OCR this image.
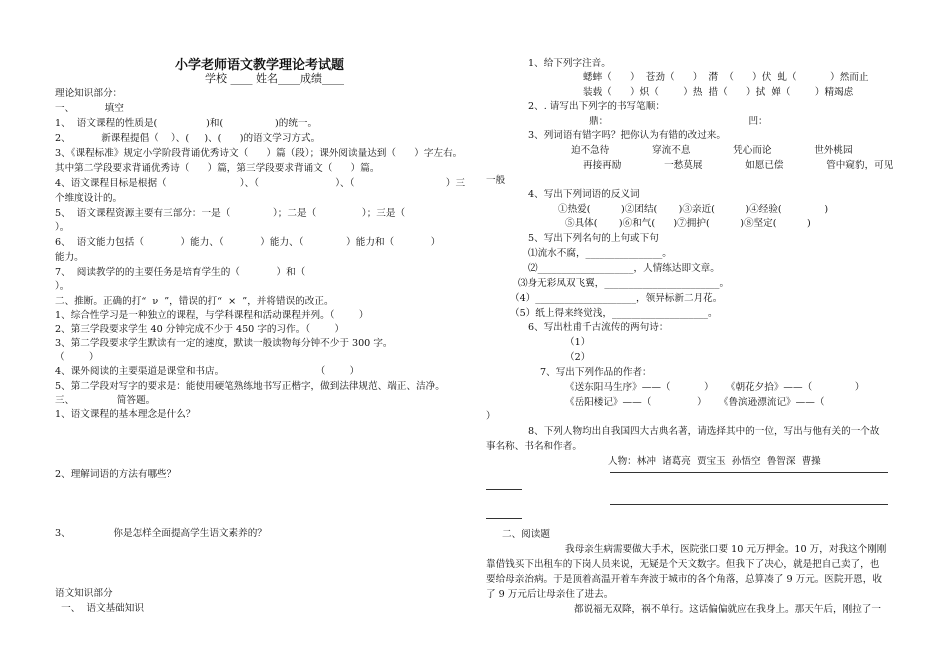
小学老师语文教学理论考试题
学校 ____ 姓名____成绩____
理论知识部分：
一、          填空
1、  语文课程的性质是(                )和(                 )的统一。
2、          新课程提倡（    ）、(     )、(      )的语文学习方式。
3、《课程标准》规定小学阶段背诵优秀诗文（      ）篇（段）；课外阅读量达到（      ）字左右。
其中第二学段要求背诵优秀诗（      ）篇，第三学段要求背诵文（      ）篇。
4、语文课程目标是根据（                        ）、（                         ）、（                              ）三
个维度设计的。
5、  语文课程资源主要有三部分：一是（              ）；二是（               ）；三是（
）。
6、  语文能力包括（            ）能力、（            ）能力、（              ）能力和（            ）
能力。
7、  阅读教学的的主要任务是培育学生的（            ）和（
）。
二、推断。正确的打“  ν  ”，错误的打“  ×  ”，并将错误的改正。
1、综合性学习是一种独立的课程，与学科课程和活动课程并列。（        ）
2、第三学段要求学生 40 分钟完成不少于 450 字的习作。（        ）
3、第二学段要求学生默读有一定的速度，默读一般读物每分钟不少于 300 字。
（        ）
4、课外阅读的主要渠道是课堂和书店。                              （        ）
5、第二学段对写字的要求是：能使用硬笔熟练地书写正楷字，做到法律规范、端正、洁净。
三、              简答题。
1、语文课程的基本理念是什么？
2、理解词语的方法有哪些？
3、              你是怎样全面提高学生语文素养的？
语文知识部分
一、  语文基础知识
1、给下列字注音。
蟋蟀（      ）  苍劲（      ）  潸  （      ）伏  虬（           ）然而止
装载（      ）炽（        ）热  措（      ）拭  婵（        ）精竭虑
2、. 请写出下列字的书写笔顺：
鼎：                                              凹：
3、列词语有错字吗？把你认为有错的改过来。
迫不急待              穿流不息              凭心而论              世外桃园
再接再励              一愁莫展              如愿已偿              管中窥豹，可见
一般
4、写出下列词语的反义词
①热爱(          )②团结(       )③亲近(          )④经验(              )
⑤具体(       )⑥和气(      )⑦拥护(          )⑧坚定(          )
5、写出下列名句的上句或下句
⑴流水不腐，________________。
⑵____________________，人情练达即文章。
⑶身无彩凤双飞翼，________________________。
（4）_____________________，领异标新二月花。
（5）纸上得来终觉浅，____________________。
6、写出杜甫千古流传的两句诗：
（1）
（2）
7、写出下列作品的作者：
《送东阳马生序》——（           ）    《朝花夕拾》——（              ）
《岳阳楼记》——（               ）    《鲁滨逊漂流记》——（
）
8、下列人物均出自我国四大古典名著，请选择其中的一位，写出与他有关的一个故
事名称、书名和作者。
人物：林冲  诸葛亮  贾宝玉  孙悟空  鲁智深  曹操
二、阅读题
我母亲生病需要做大手术，医院张口要 10 元万押金。10 万，对我这个刚刚
靠借钱买下出租车的下岗人员来说，无疑是个天文数字。但我下了决心，就是把自己卖了，也
要给母亲治病。于是顶着高温开着车奔波于城市的各个角落，总算凑了 9 万元。医院开恩，收
了 9 万元后让母亲住了进去。
都说福无双降，祸不单行。这话偏偏就应在我身上。那天午后，刚拉了一
